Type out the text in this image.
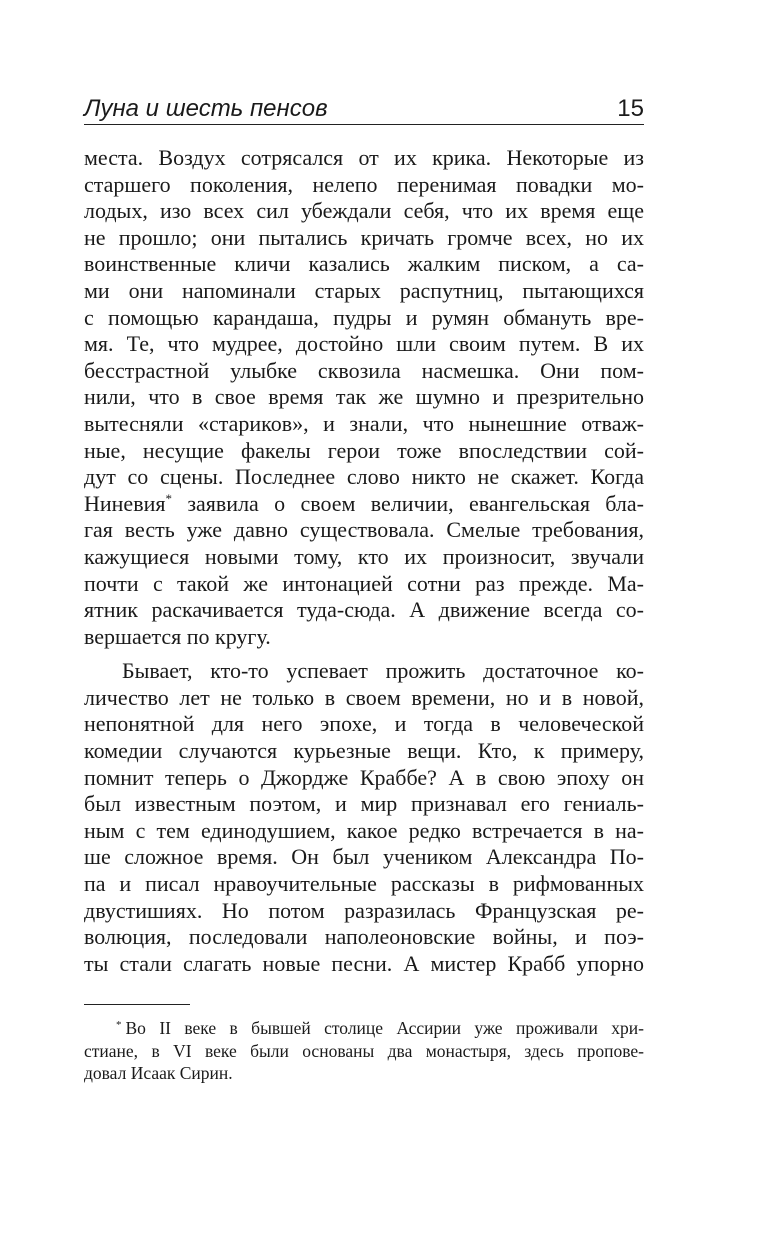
Луна и шесть пенсов	15
места. Воздух сотрясался от их крика. Некоторые из
старшего поколения, нелепо перенимая повадки мо-
лодых, изо всех сил убеждали себя, что их время еще
не прошло; они пытались кричать громче всех, но их
воинственные кличи казались жалким писком, а са-
ми они напоминали старых распутниц, пытающихся
с помощью карандаша, пудры и румян обмануть вре-
мя. Те, что мудрее, достойно шли своим путем. В их
бесстрастной улыбке сквозила насмешка. Они пом-
нили, что в свое время так же шумно и презрительно
вытесняли «стариков», и знали, что нынешние отваж-
ные, несущие факелы герои тоже впоследствии сой-
дут со сцены. Последнее слово никто не скажет. Когда
Ниневия* заявила о своем величии, евангельская бла-
гая весть уже давно существовала. Смелые требования,
кажущиеся новыми тому, кто их произносит, звучали
почти с такой же интонацией сотни раз прежде. Ма-
ятник раскачивается туда-сюда. А движение всегда со-
вершается по кругу.
Бывает, кто-то успевает прожить достаточное ко-
личество лет не только в своем времени, но и в новой,
непонятной для него эпохе, и тогда в человеческой
комедии случаются курьезные вещи. Кто, к примеру,
помнит теперь о Джордже Краббе? А в свою эпоху он
был известным поэтом, и мир признавал его гениаль-
ным с тем единодушием, какое редко встречается в на-
ше сложное время. Он был учеником Александра По-
па и писал нравоучительные рассказы в рифмованных
двустишиях. Но потом разразилась Французская ре-
волюция, последовали наполеоновские войны, и поэ-
ты стали слагать новые песни. А мистер Крабб упорно
* Во II веке в бывшей столице Ассирии уже проживали хри-
стиане, в VI веке были основаны два монастыря, здесь пропове-
довал Исаак Сирин.
